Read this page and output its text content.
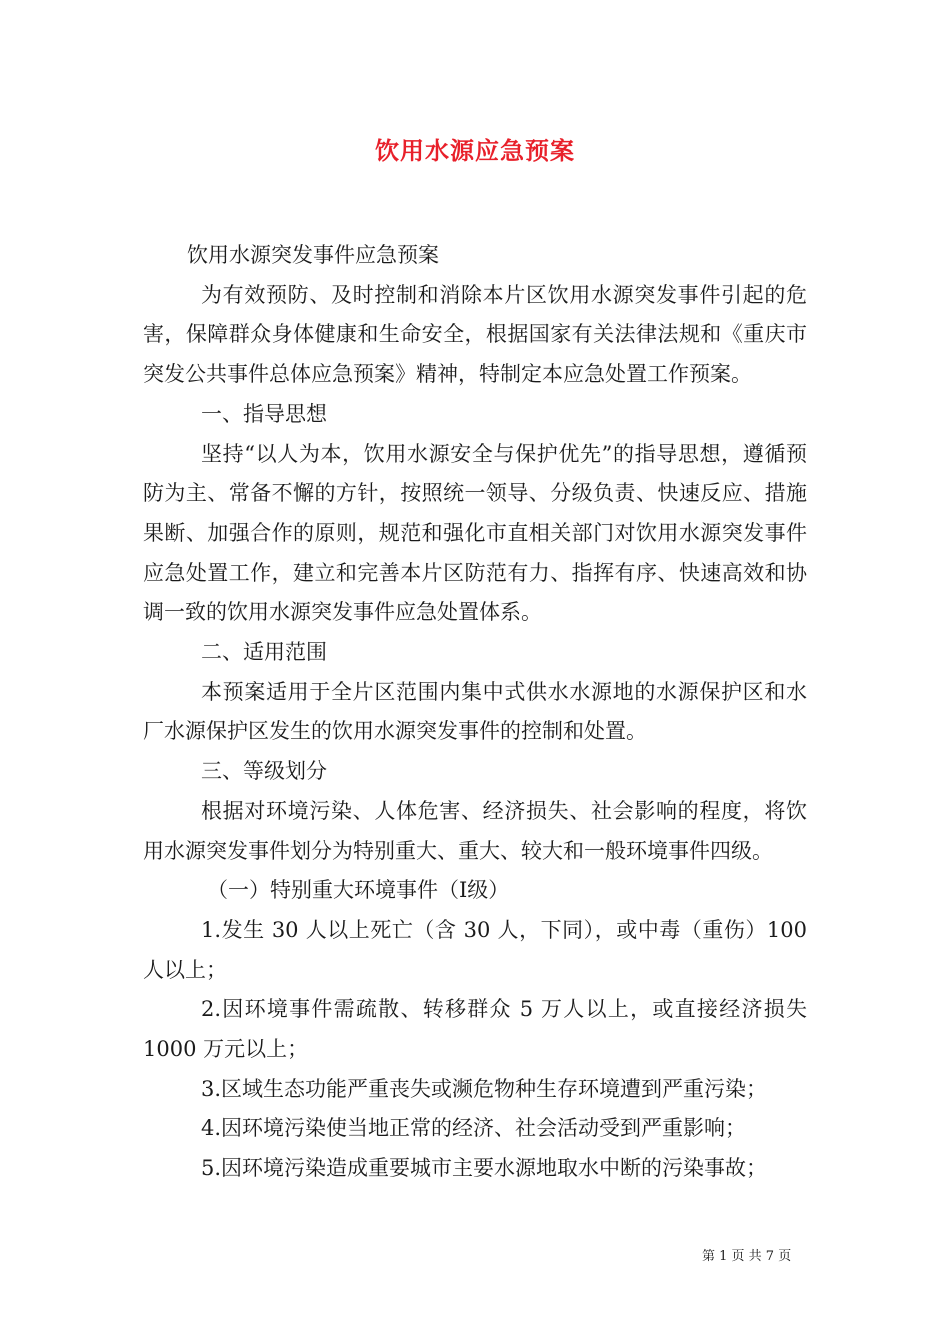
饮用水源应急预案

饮用水源突发事件应急预案

为有效预防、及时控制和消除本片区饮用水源突发事件引起的危害，保障群众身体健康和生命安全，根据国家有关法律法规和《重庆市突发公共事件总体应急预案》精神，特制定本应急处置工作预案。

一、指导思想

坚持“以人为本，饮用水源安全与保护优先”的指导思想，遵循预防为主、常备不懈的方针，按照统一领导、分级负责、快速反应、措施果断、加强合作的原则，规范和强化市直相关部门对饮用水源突发事件应急处置工作，建立和完善本片区防范有力、指挥有序、快速高效和协调一致的饮用水源突发事件应急处置体系。

二、适用范围

本预案适用于全片区范围内集中式供水水源地的水源保护区和水厂水源保护区发生的饮用水源突发事件的控制和处置。

三、等级划分

根据对环境污染、人体危害、经济损失、社会影响的程度，将饮用水源突发事件划分为特别重大、重大、较大和一般环境事件四级。

（一）特别重大环境事件（Ⅰ级）

1.发生 30 人以上死亡（含 30 人，下同），或中毒（重伤）100 人以上；

2.因环境事件需疏散、转移群众 5 万人以上，或直接经济损失1000 万元以上；

3.区域生态功能严重丧失或濒危物种生存环境遭到严重污染；

4.因环境污染使当地正常的经济、社会活动受到严重影响；

5.因环境污染造成重要城市主要水源地取水中断的污染事故；

第 1 页 共 7 页
